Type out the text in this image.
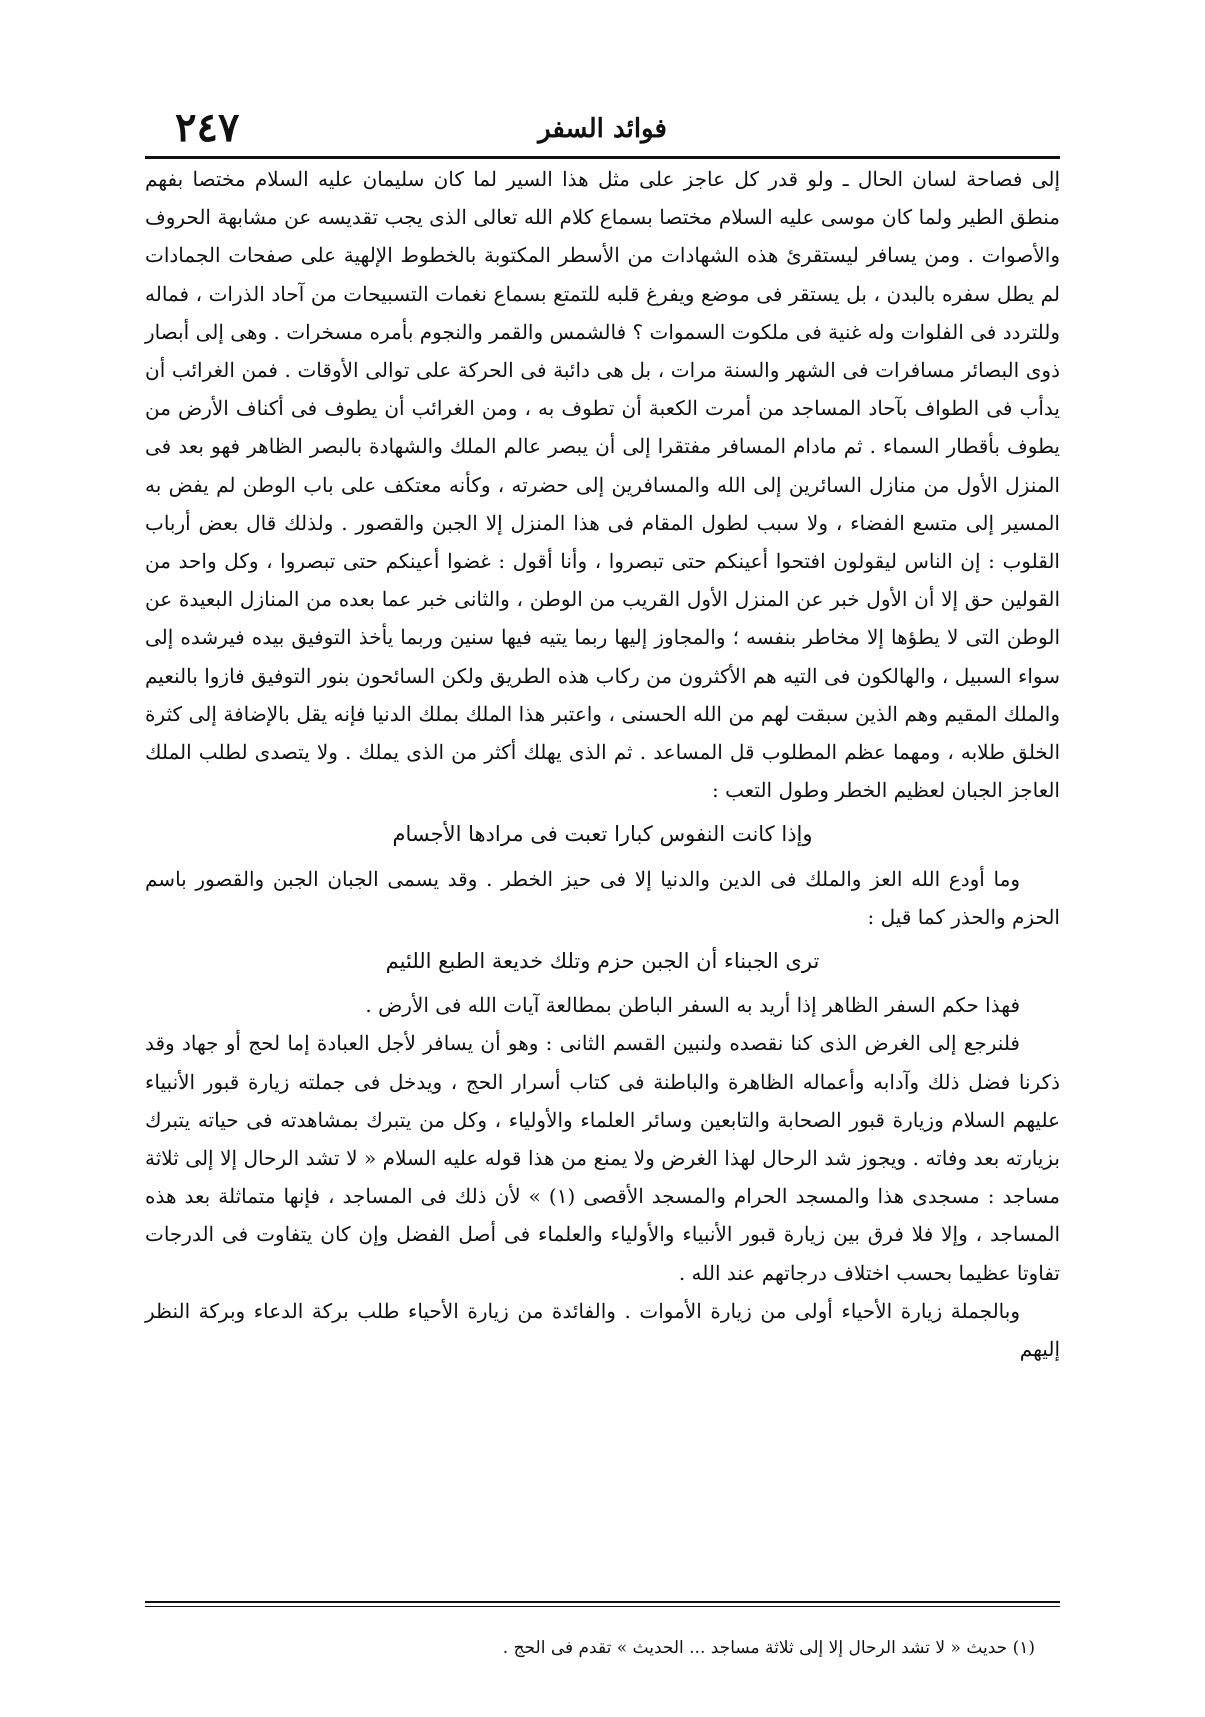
فوائد السفر
٢٤٧

إلى فصاحة لسان الحال ـ ولو قدر كل عاجز على مثل هذا السير لما كان سليمان عليه السلام مختصا بفهم منطق الطير ولما كان موسى عليه السلام مختصا بسماع كلام الله تعالى الذى يجب تقديسه عن مشابهة الحروف والأصوات . ومن يسافر ليستقرئ هذه الشهادات من الأسطر المكتوبة بالخطوط الإلهية على صفحات الجمادات لم يطل سفره بالبدن ، بل يستقر فى موضع ويفرغ قلبه للتمتع بسماع نغمات التسبيحات من آحاد الذرات ، فماله وللتردد فى الفلوات وله غنية فى ملكوت السموات ؟ فالشمس والقمر والنجوم بأمره مسخرات . وهى إلى أبصار ذوى البصائر مسافرات فى الشهر والسنة مرات ، بل هى دائبة فى الحركة على توالى الأوقات . فمن الغرائب أن يدأب فى الطواف بآحاد المساجد من أمرت الكعبة أن تطوف به ، ومن الغرائب أن يطوف فى أكناف الأرض من يطوف بأقطار السماء . ثم مادام المسافر مفتقرا إلى أن يبصر عالم الملك والشهادة بالبصر الظاهر فهو بعد فى المنزل الأول من منازل السائرين إلى الله والمسافرين إلى حضرته ، وكأنه معتكف على باب الوطن لم يفض به المسير إلى متسع الفضاء ، ولا سبب لطول المقام فى هذا المنزل إلا الجبن والقصور . ولذلك قال بعض أرباب القلوب : إن الناس ليقولون افتحوا أعينكم حتى تبصروا ، وأنا أقول : غضوا أعينكم حتى تبصروا ، وكل واحد من القولين حق إلا أن الأول خبر عن المنزل الأول القريب من الوطن ، والثانى خبر عما بعده من المنازل البعيدة عن الوطن التى لا يطؤها إلا مخاطر بنفسه ؛ والمجاوز إليها ربما يتيه فيها سنين وربما يأخذ التوفيق بيده فيرشده إلى سواء السبيل ، والهالكون فى التيه هم الأكثرون من ركاب هذه الطريق ولكن السائحون بنور التوفيق فازوا بالنعيم والملك المقيم وهم الذين سبقت لهم من الله الحسنى ، واعتبر هذا الملك بملك الدنيا فإنه يقل بالإضافة إلى كثرة الخلق طلابه ، ومهما عظم المطلوب قل المساعد . ثم الذى يهلك أكثر من الذى يملك . ولا يتصدى لطلب الملك العاجز الجبان لعظيم الخطر وطول التعب :

وإذا كانت النفوس كبارا تعبت فى مرادها الأجسام

وما أودع الله العز والملك فى الدين والدنيا إلا فى حيز الخطر . وقد يسمى الجبان الجبن والقصور باسم الحزم والحذر كما قيل :

ترى الجبناء أن الجبن حزم وتلك خديعة الطبع اللئيم

فهذا حكم السفر الظاهر إذا أريد به السفر الباطن بمطالعة آيات الله فى الأرض .

فلنرجع إلى الغرض الذى كنا نقصده ولنبين القسم الثانى : وهو أن يسافر لأجل العبادة إما لحج أو جهاد وقد ذكرنا فضل ذلك وآدابه وأعماله الظاهرة والباطنة فى كتاب أسرار الحج ، ويدخل فى جملته زيارة قبور الأنبياء عليهم السلام وزيارة قبور الصحابة والتابعين وسائر العلماء والأولياء ، وكل من يتبرك بمشاهدته فى حياته يتبرك بزيارته بعد وفاته . ويجوز شد الرحال لهذا الغرض ولا يمنع من هذا قوله عليه السلام « لا تشد الرحال إلا إلى ثلاثة مساجد : مسجدى هذا والمسجد الحرام والمسجد الأقصى (١) » لأن ذلك فى المساجد ، فإنها متماثلة بعد هذه المساجد ، وإلا فلا فرق بين زيارة قبور الأنبياء والأولياء والعلماء فى أصل الفضل وإن كان يتفاوت فى الدرجات تفاوتا عظيما بحسب اختلاف درجاتهم عند الله .

وبالجملة زيارة الأحياء أولى من زيارة الأموات . والفائدة من زيارة الأحياء طلب بركة الدعاء وبركة النظر إليهم

(١) حديث « لا تشد الرحال إلا إلى ثلاثة مساجد ... الحديث » تقدم فى الحج .
